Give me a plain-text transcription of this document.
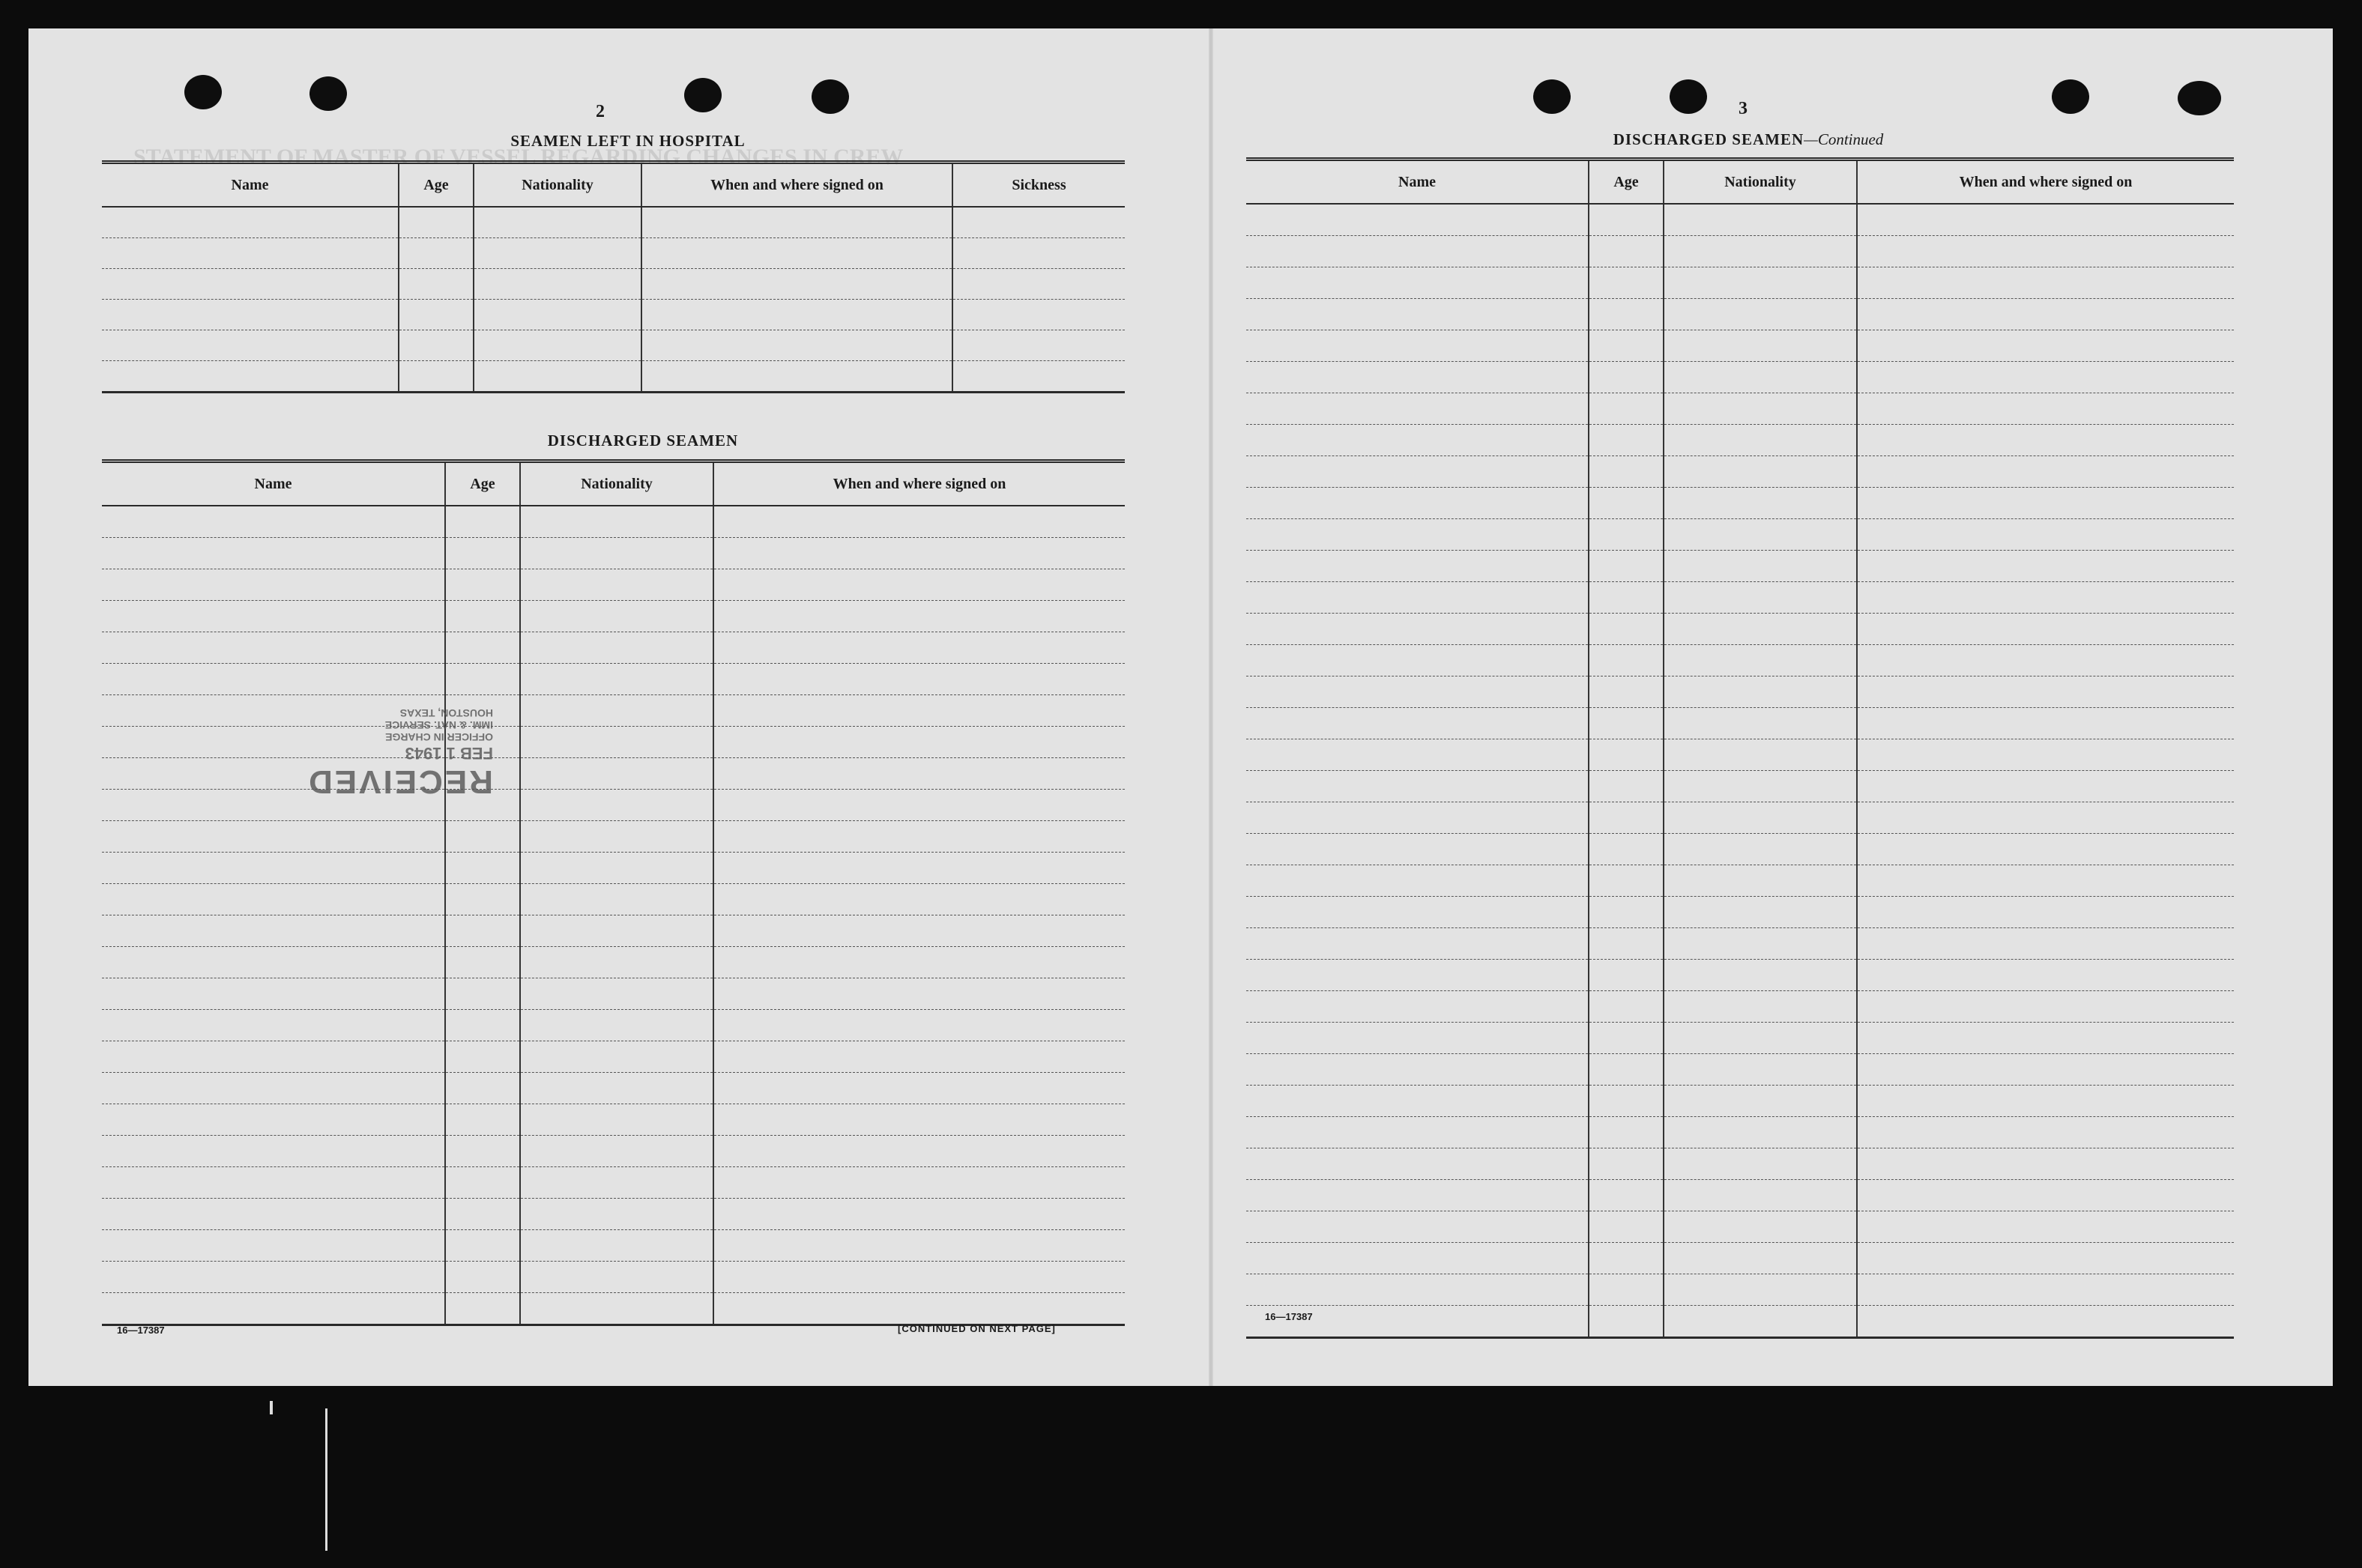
STATEMENT OF MASTER OF VESSEL REGARDING CHANGES IN CREW

2
SEAMEN LEFT IN HOSPITAL
Name	Age	Nationality	When and where signed on	Sickness

DISCHARGED SEAMEN
Name	Age	Nationality	When and where signed on

RECEIVED
FEB 1 1943
OFFICER IN CHARGE
IMM. & NAT. SERVICE
HOUSTON, TEXAS
16—17387	[CONTINUED ON NEXT PAGE]
3
DISCHARGED SEAMEN—Continued
Name	Age	Nationality	When and where signed on

16—17387
